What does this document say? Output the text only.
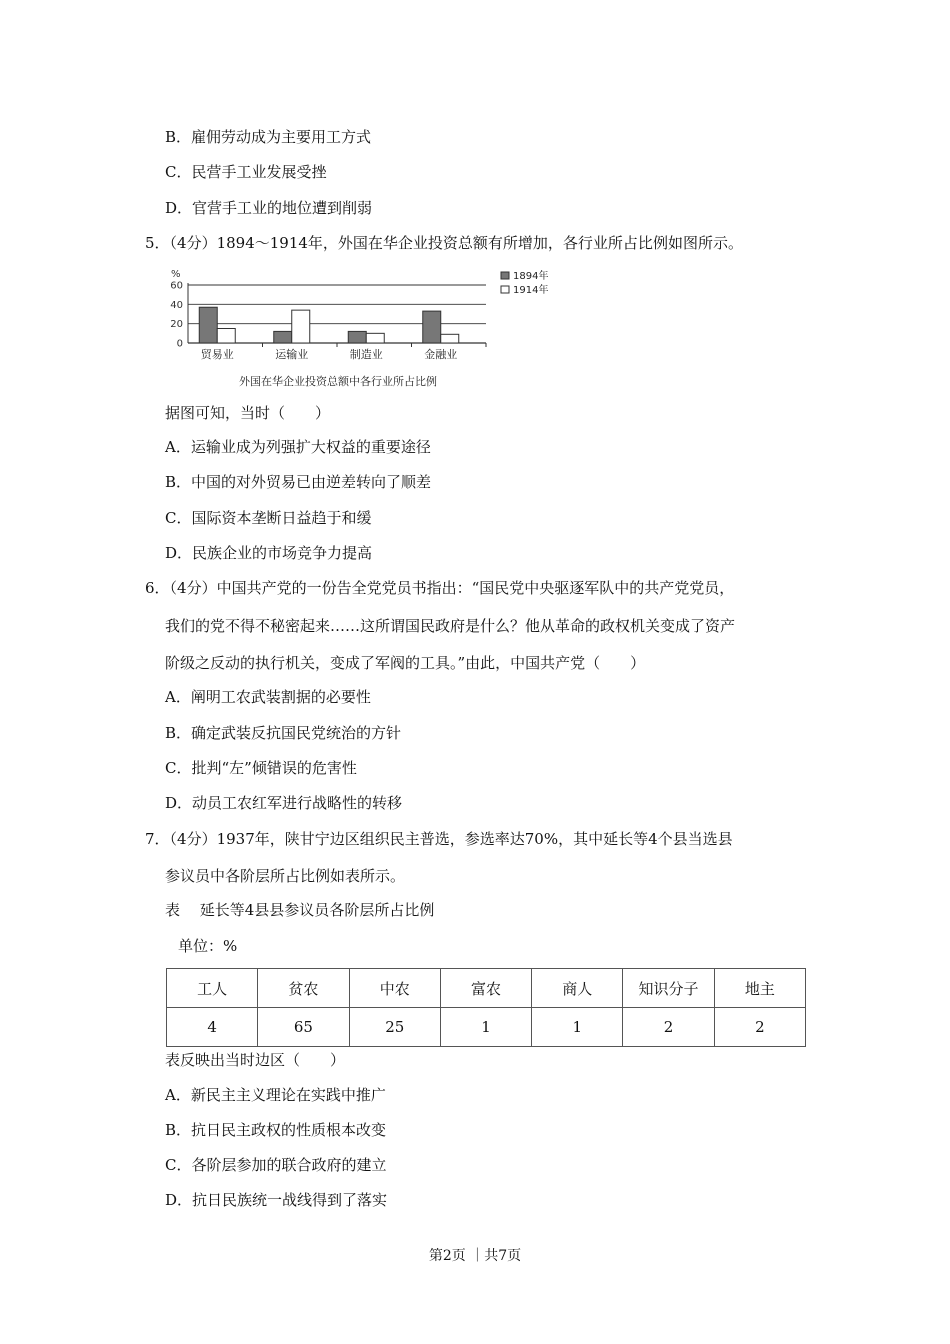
B．雇佣劳动成为主要用工方式
C．民营手工业发展受挫
D．官营手工业的地位遭到削弱
5．（4分）1894～1914年，外国在华企业投资总额有所增加，各行业所占比例如图所示。
%
0
20
40
60
贸易业	运输业	制造业	金融业
1894年
1914年
外国在华企业投资总额中各行业所占比例
据图可知，当时（　　）
A．运输业成为列强扩大权益的重要途径
B．中国的对外贸易已由逆差转向了顺差
C．国际资本垄断日益趋于和缓
D．民族企业的市场竞争力提高
6．（4分）中国共产党的一份告全党党员书指出：“国民党中央驱逐军队中的共产党党员，
我们的党不得不秘密起来……这所谓国民政府是什么？他从革命的政权机关变成了资产
阶级之反动的执行机关，变成了军阀的工具。”由此，中国共产党（　　）
A．阐明工农武装割据的必要性
B．确定武装反抗国民党统治的方针
C．批判“左”倾错误的危害性
D．动员工农红军进行战略性的转移
7．（4分）1937年，陕甘宁边区组织民主普选，参选率达70%，其中延长等4个县当选县
参议员中各阶层所占比例如表所示。
表　 延长等4县县参议员各阶层所占比例
单位：%
工人	贫农	中农	富农	商人	知识分子	地主
4	65	25	1	1	2	2
表反映出当时边区（　　）
A．新民主主义理论在实践中推广
B．抗日民主政权的性质根本改变
C．各阶层参加的联合政府的建立
D．抗日民族统一战线得到了落实
第2页 ｜共7页
